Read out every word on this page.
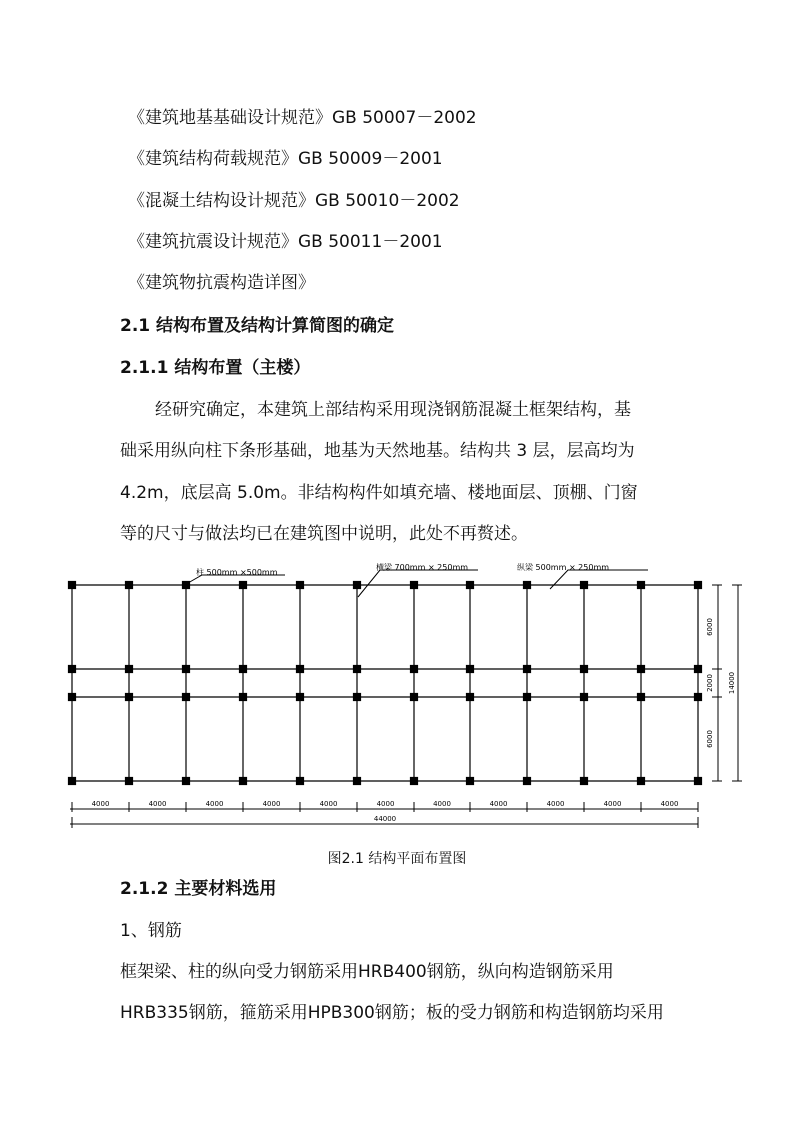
《建筑地基基础设计规范》GB 50007－2002
《建筑结构荷载规范》GB 50009－2001
《混凝土结构设计规范》GB 50010－2002
《建筑抗震设计规范》GB 50011－2001
《建筑物抗震构造详图》
2.1 结构布置及结构计算简图的确定
2.1.1 结构布置（主楼）
经研究确定，本建筑上部结构采用现浇钢筋混凝土框架结构，基
础采用纵向柱下条形基础，地基为天然地基。结构共 3 层，层高均为
4.2m，底层高 5.0m。非结构构件如填充墙、楼地面层、顶棚、门窗
等的尺寸与做法均已在建筑图中说明，此处不再赘述。
4000	4000	4000	4000	4000	4000	4000	4000	4000	4000	4000
44000
6000
2000
6000
14000
柱 500mm ×500mm
横梁 700mm × 250mm	纵梁 500mm × 250mm
图2.1 结构平面布置图
2.1.2 主要材料选用
1、钢筋
框架梁、柱的纵向受力钢筋采用HRB400钢筋，纵向构造钢筋采用
HRB335钢筋，箍筋采用HPB300钢筋；板的受力钢筋和构造钢筋均采用
